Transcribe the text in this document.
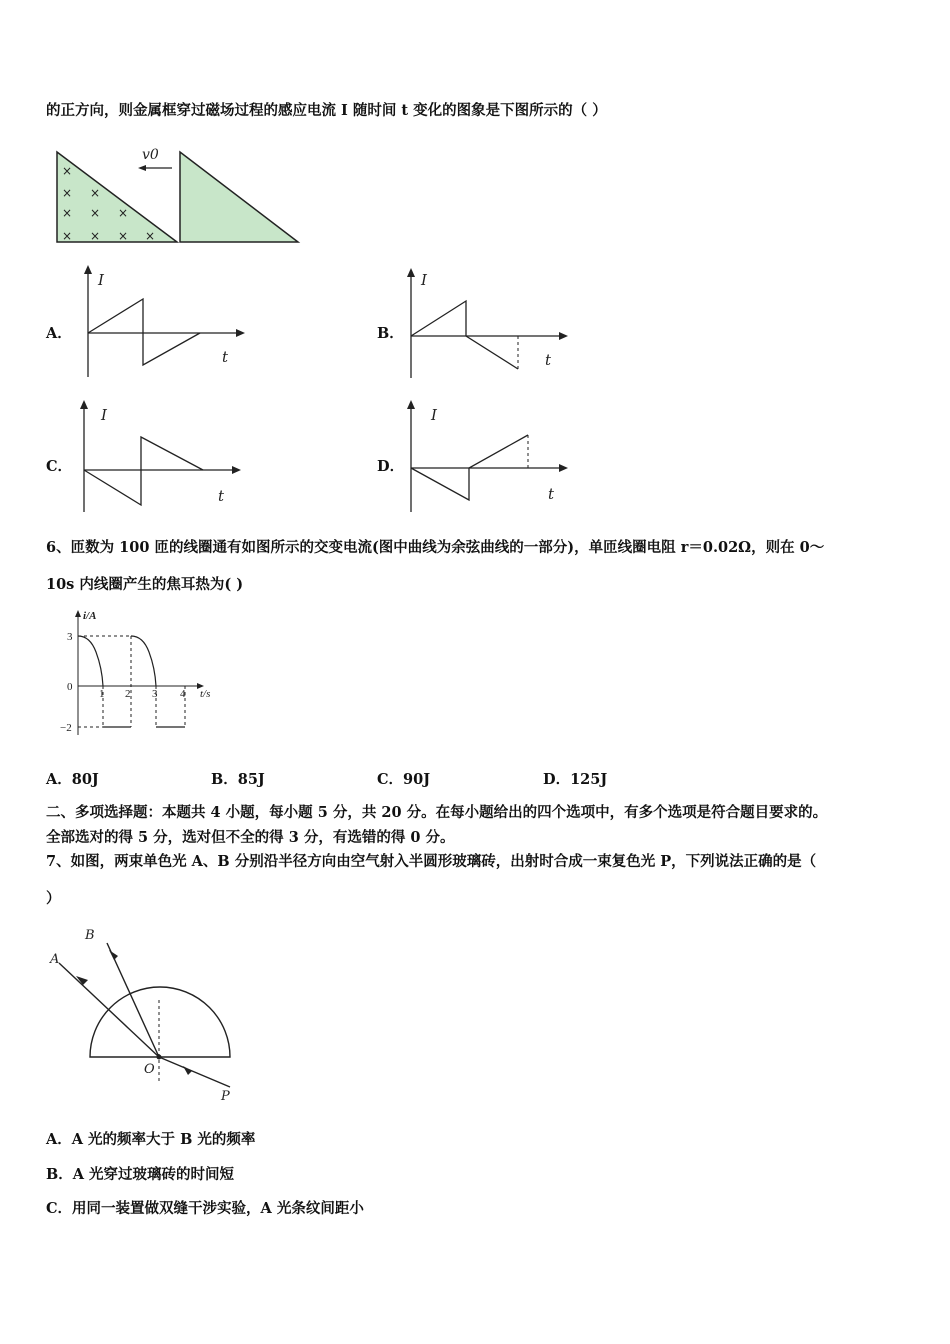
的正方向，则金属框穿过磁场过程的感应电流 I 随时间 t 变化的图象是下图所示的（ ）
×
× ×
× × ×
× × × ×
v0
A．
I
t
B．
I
t
C．
I
t
D．
I
t
6、匝数为 100 匝的线圈通有如图所示的交变电流(图中曲线为余弦曲线的一部分)，单匝线圈电阻 r＝0.02Ω，则在 0～
10s 内线圈产生的焦耳热为( )
i/A
t/s
3
0
−2
1 2 3 4
A．80J	B．85J	C．90J	D．125J
二、多项选择题：本题共 4 小题，每小题 5 分，共 20 分。在每小题给出的四个选项中，有多个选项是符合题目要求的。
全部选对的得 5 分，选对但不全的得 3 分，有选错的得 0 分。
7、如图，两束单色光 A、B 分别沿半径方向由空气射入半圆形玻璃砖，出射时合成一束复色光 P，下列说法正确的是（
）
A
B
O
P
A．A 光的频率大于 B 光的频率
B．A 光穿过玻璃砖的时间短
C．用同一装置做双缝干涉实验，A 光条纹间距小
